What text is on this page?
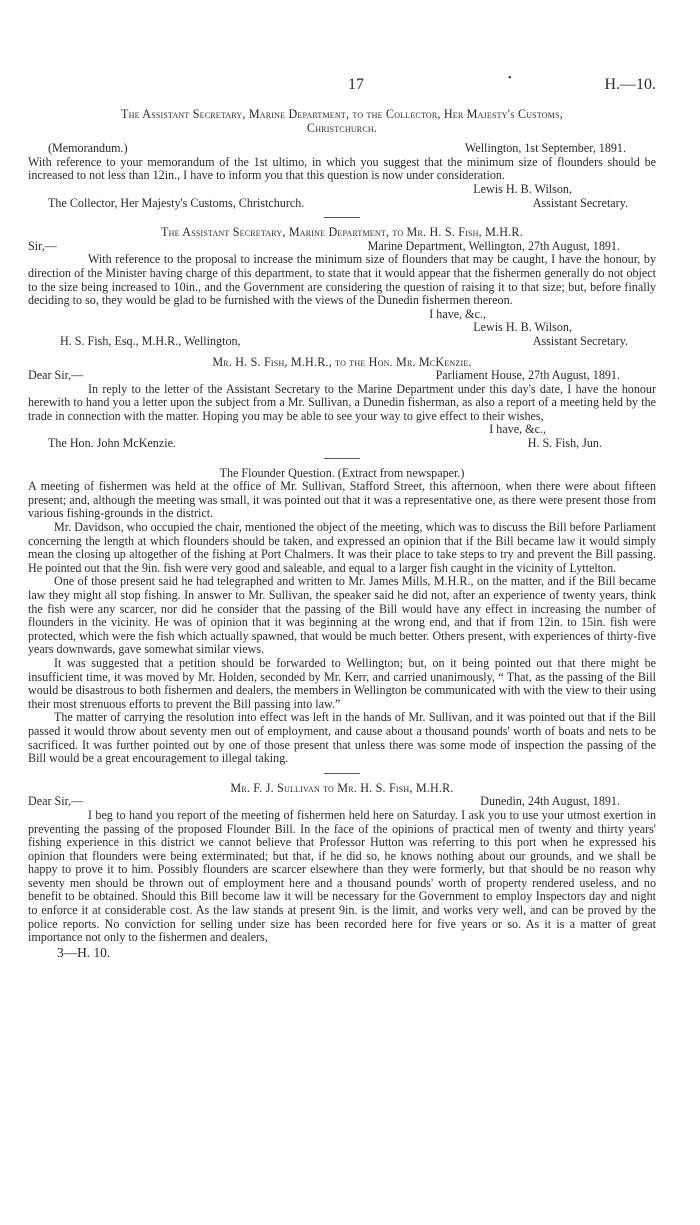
17	•	H.—10.
The Assistant Secretary, Marine Department, to the Collector, Her Majesty's Customs,
Christchurch.
(Memorandum.)	Wellington, 1st September, 1891.

With reference to your memorandum of the 1st ultimo, in which you suggest that the minimum size of flounders should be increased to not less than 12in., I have to inform you that this question is now under consideration.

Lewis H. B. Wilson,
The Collector, Her Majesty's Customs, Christchurch.	Assistant Secretary.
The Assistant Secretary, Marine Department, to Mr. H. S. Fish, M.H.R.
Sir,—	Marine Department, Wellington, 27th August, 1891.

With reference to the proposal to increase the minimum size of flounders that may be caught, I have the honour, by direction of the Minister having charge of this department, to state that it would appear that the fishermen generally do not object to the size being increased to 10in., and the Government are considering the question of raising it to that size; but, before finally deciding to so, they would be glad to be furnished with the views of the Dunedin fishermen thereon.

I have, &c.,
Lewis H. B. Wilson,
H. S. Fish, Esq., M.H.R., Wellington,	Assistant Secretary.
Mr. H. S. Fish, M.H.R., to the Hon. Mr. McKenzie.
Dear Sir,—	Parliament House, 27th August, 1891.

In reply to the letter of the Assistant Secretary to the Marine Department under this day's date, I have the honour herewith to hand you a letter upon the subject from a Mr. Sullivan, a Dunedin fisherman, as also a report of a meeting held by the trade in connection with the matter. Hoping you may be able to see your way to give effect to their wishes,

I have, &c.,
The Hon. John McKenzie.	H. S. Fish, Jun.
The Flounder Question. (Extract from newspaper.)

A meeting of fishermen was held at the office of Mr. Sullivan, Stafford Street, this afternoon, when there were about fifteen present; and, although the meeting was small, it was pointed out that it was a representative one, as there were present those from various fishing-grounds in the district.

Mr. Davidson, who occupied the chair, mentioned the object of the meeting, which was to discuss the Bill before Parliament concerning the length at which flounders should be taken, and expressed an opinion that if the Bill became law it would simply mean the closing up altogether of the fishing at Port Chalmers. It was their place to take steps to try and prevent the Bill passing. He pointed out that the 9in. fish were very good and saleable, and equal to a larger fish caught in the vicinity of Lyttelton.

One of those present said he had telegraphed and written to Mr. James Mills, M.H.R., on the matter, and if the Bill became law they might all stop fishing. In answer to Mr. Sullivan, the speaker said he did not, after an experience of twenty years, think the fish were any scarcer, nor did he consider that the passing of the Bill would have any effect in increasing the number of flounders in the vicinity. He was of opinion that it was beginning at the wrong end, and that if from 12in. to 15in. fish were protected, which were the fish which actually spawned, that would be much better. Others present, with experiences of thirty-five years downwards, gave somewhat similar views.

It was suggested that a petition should be forwarded to Wellington; but, on it being pointed out that there might be insufficient time, it was moved by Mr. Holden, seconded by Mr. Kerr, and carried unanimously, “ That, as the passing of the Bill would be disastrous to both fishermen and dealers, the members in Wellington be communicated with with the view to their using their most strenuous efforts to prevent the Bill passing into law.”

The matter of carrying the resolution into effect was left in the hands of Mr. Sullivan, and it was pointed out that if the Bill passed it would throw about seventy men out of employment, and cause about a thousand pounds' worth of boats and nets to be sacrificed. It was further pointed out by one of those present that unless there was some mode of inspection the passing of the Bill would be a great encouragement to illegal taking.

Mr. F. J. Sullivan to Mr. H. S. Fish, M.H.R.
Dear Sir,—	Dunedin, 24th August, 1891.

I beg to hand you report of the meeting of fishermen held here on Saturday. I ask you to use your utmost exertion in preventing the passing of the proposed Flounder Bill. In the face of the opinions of practical men of twenty and thirty years' fishing experience in this district we cannot believe that Professor Hutton was referring to this port when he expressed his opinion that flounders were being exterminated; but that, if he did so, he knows nothing about our grounds, and we shall be happy to prove it to him. Possibly flounders are scarcer elsewhere than they were formerly, but that should be no reason why seventy men should be thrown out of employment here and a thousand pounds' worth of property rendered useless, and no benefit to be obtained. Should this Bill become law it will be necessary for the Government to employ Inspectors day and night to enforce it at considerable cost. As the law stands at present 9in. is the limit, and works very well, and can be proved by the police reports. No conviction for selling under size has been recorded here for five years or so. As it is a matter of great importance not only to the fishermen and dealers,

3—H. 10.
